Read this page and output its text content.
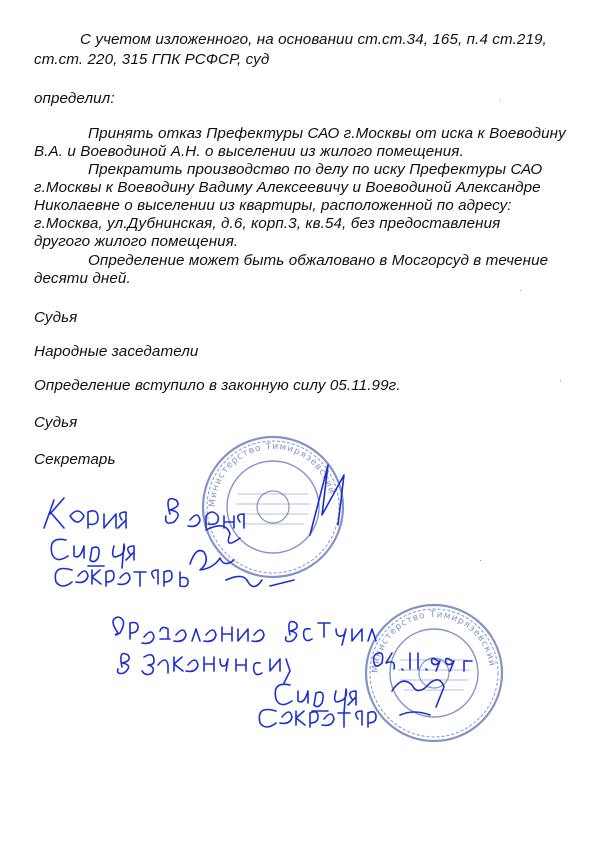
С учетом изложенного, на основании ст.ст.34, 165, п.4 ст.219,
ст.ст. 220, 315 ГПК РСФСР, суд
определил:
Принять отказ Префектуры САО г.Москвы от иска к Воеводину
В.А. и Воеводиной А.Н. о выселении из жилого помещения.
Прекратить производство по делу по иску Префектуры САО
г.Москвы к Воеводину Вадиму Алексеевичу и Воеводиной Александре
Николаевне о выселении из квартиры, расположенной по адресу:
г.Москва, ул.Дубнинская, д.6, корп.3, кв.54, без предоставления
другого жилого помещения.
Определение может быть обжаловано в Мосгорсуд в течение
десяти дней.
Судья
Народные заседатели
Определение вступило в законную силу 05.11.99г.
Судья
Секретарь
Министерство Тимирязевский
Министерство Тимирязевский
